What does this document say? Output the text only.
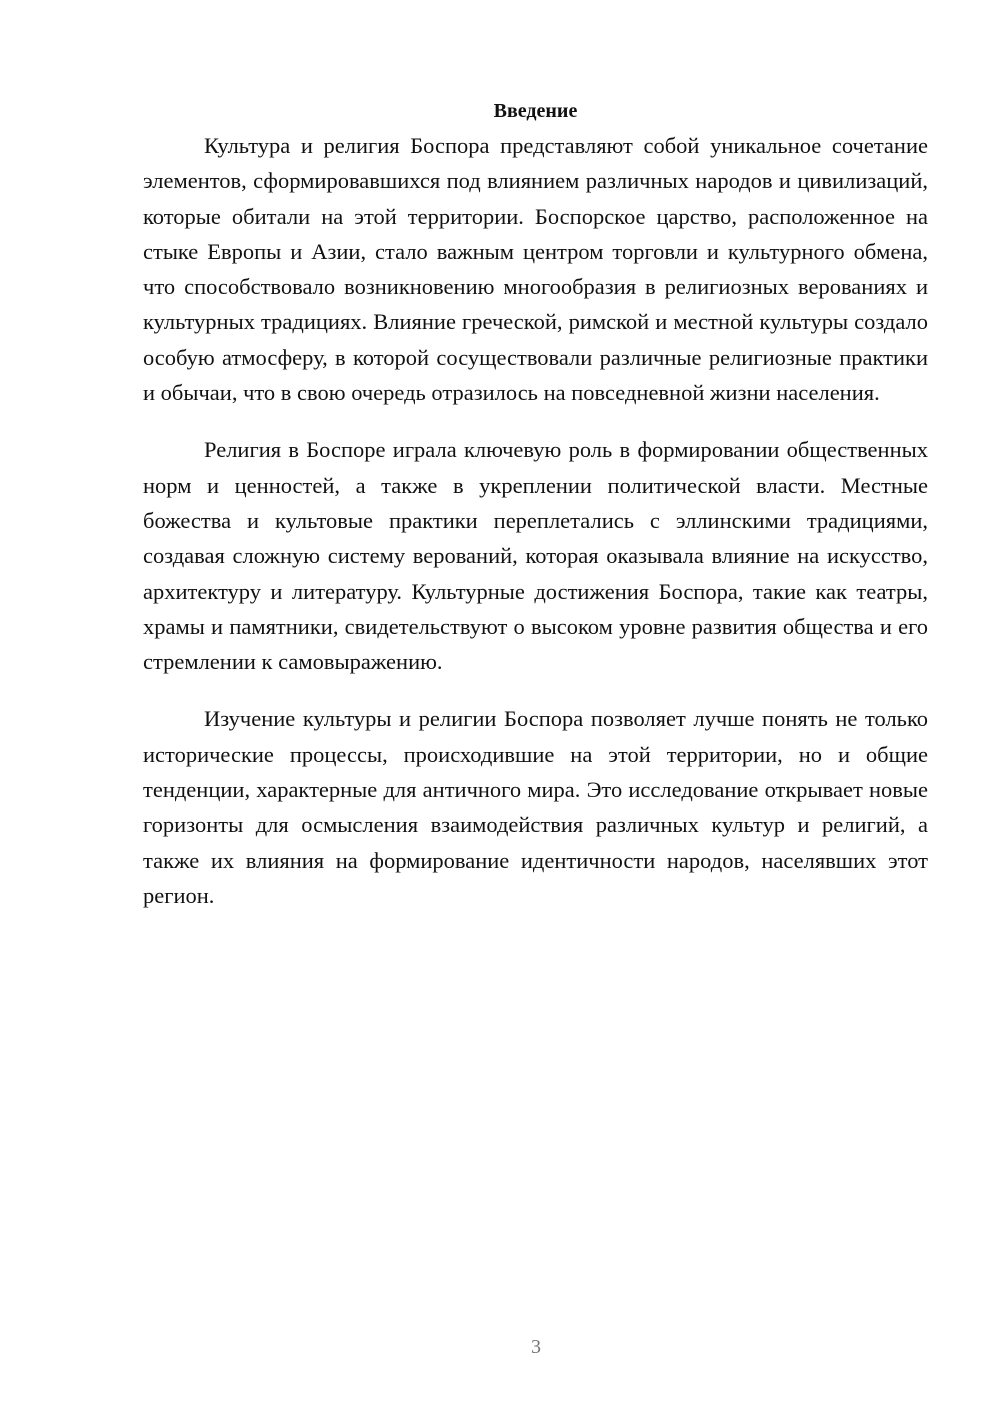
Введение

Культура и религия Боспора представляют собой уникальное сочетание элементов, сформировавшихся под влиянием различных народов и цивилизаций, которые обитали на этой территории. Боспорское царство, расположенное на стыке Европы и Азии, стало важным центром торговли и культурного обмена, что способствовало возникновению многообразия в религиозных верованиях и культурных традициях. Влияние греческой, римской и местной культуры создало особую атмосферу, в которой сосуществовали различные религиозные практики и обычаи, что в свою очередь отразилось на повседневной жизни населения.

Религия в Боспоре играла ключевую роль в формировании общественных норм и ценностей, а также в укреплении политической власти. Местные божества и культовые практики переплетались с эллинскими традициями, создавая сложную систему верований, которая оказывала влияние на искусство, архитектуру и литературу. Культурные достижения Боспора, такие как театры, храмы и памятники, свидетельствуют о высоком уровне развития общества и его стремлении к самовыражению.

Изучение культуры и религии Боспора позволяет лучше понять не только исторические процессы, происходившие на этой территории, но и общие тенденции, характерные для античного мира. Это исследование открывает новые горизонты для осмысления взаимодействия различных культур и религий, а также их влияния на формирование идентичности народов, населявших этот регион.

3
